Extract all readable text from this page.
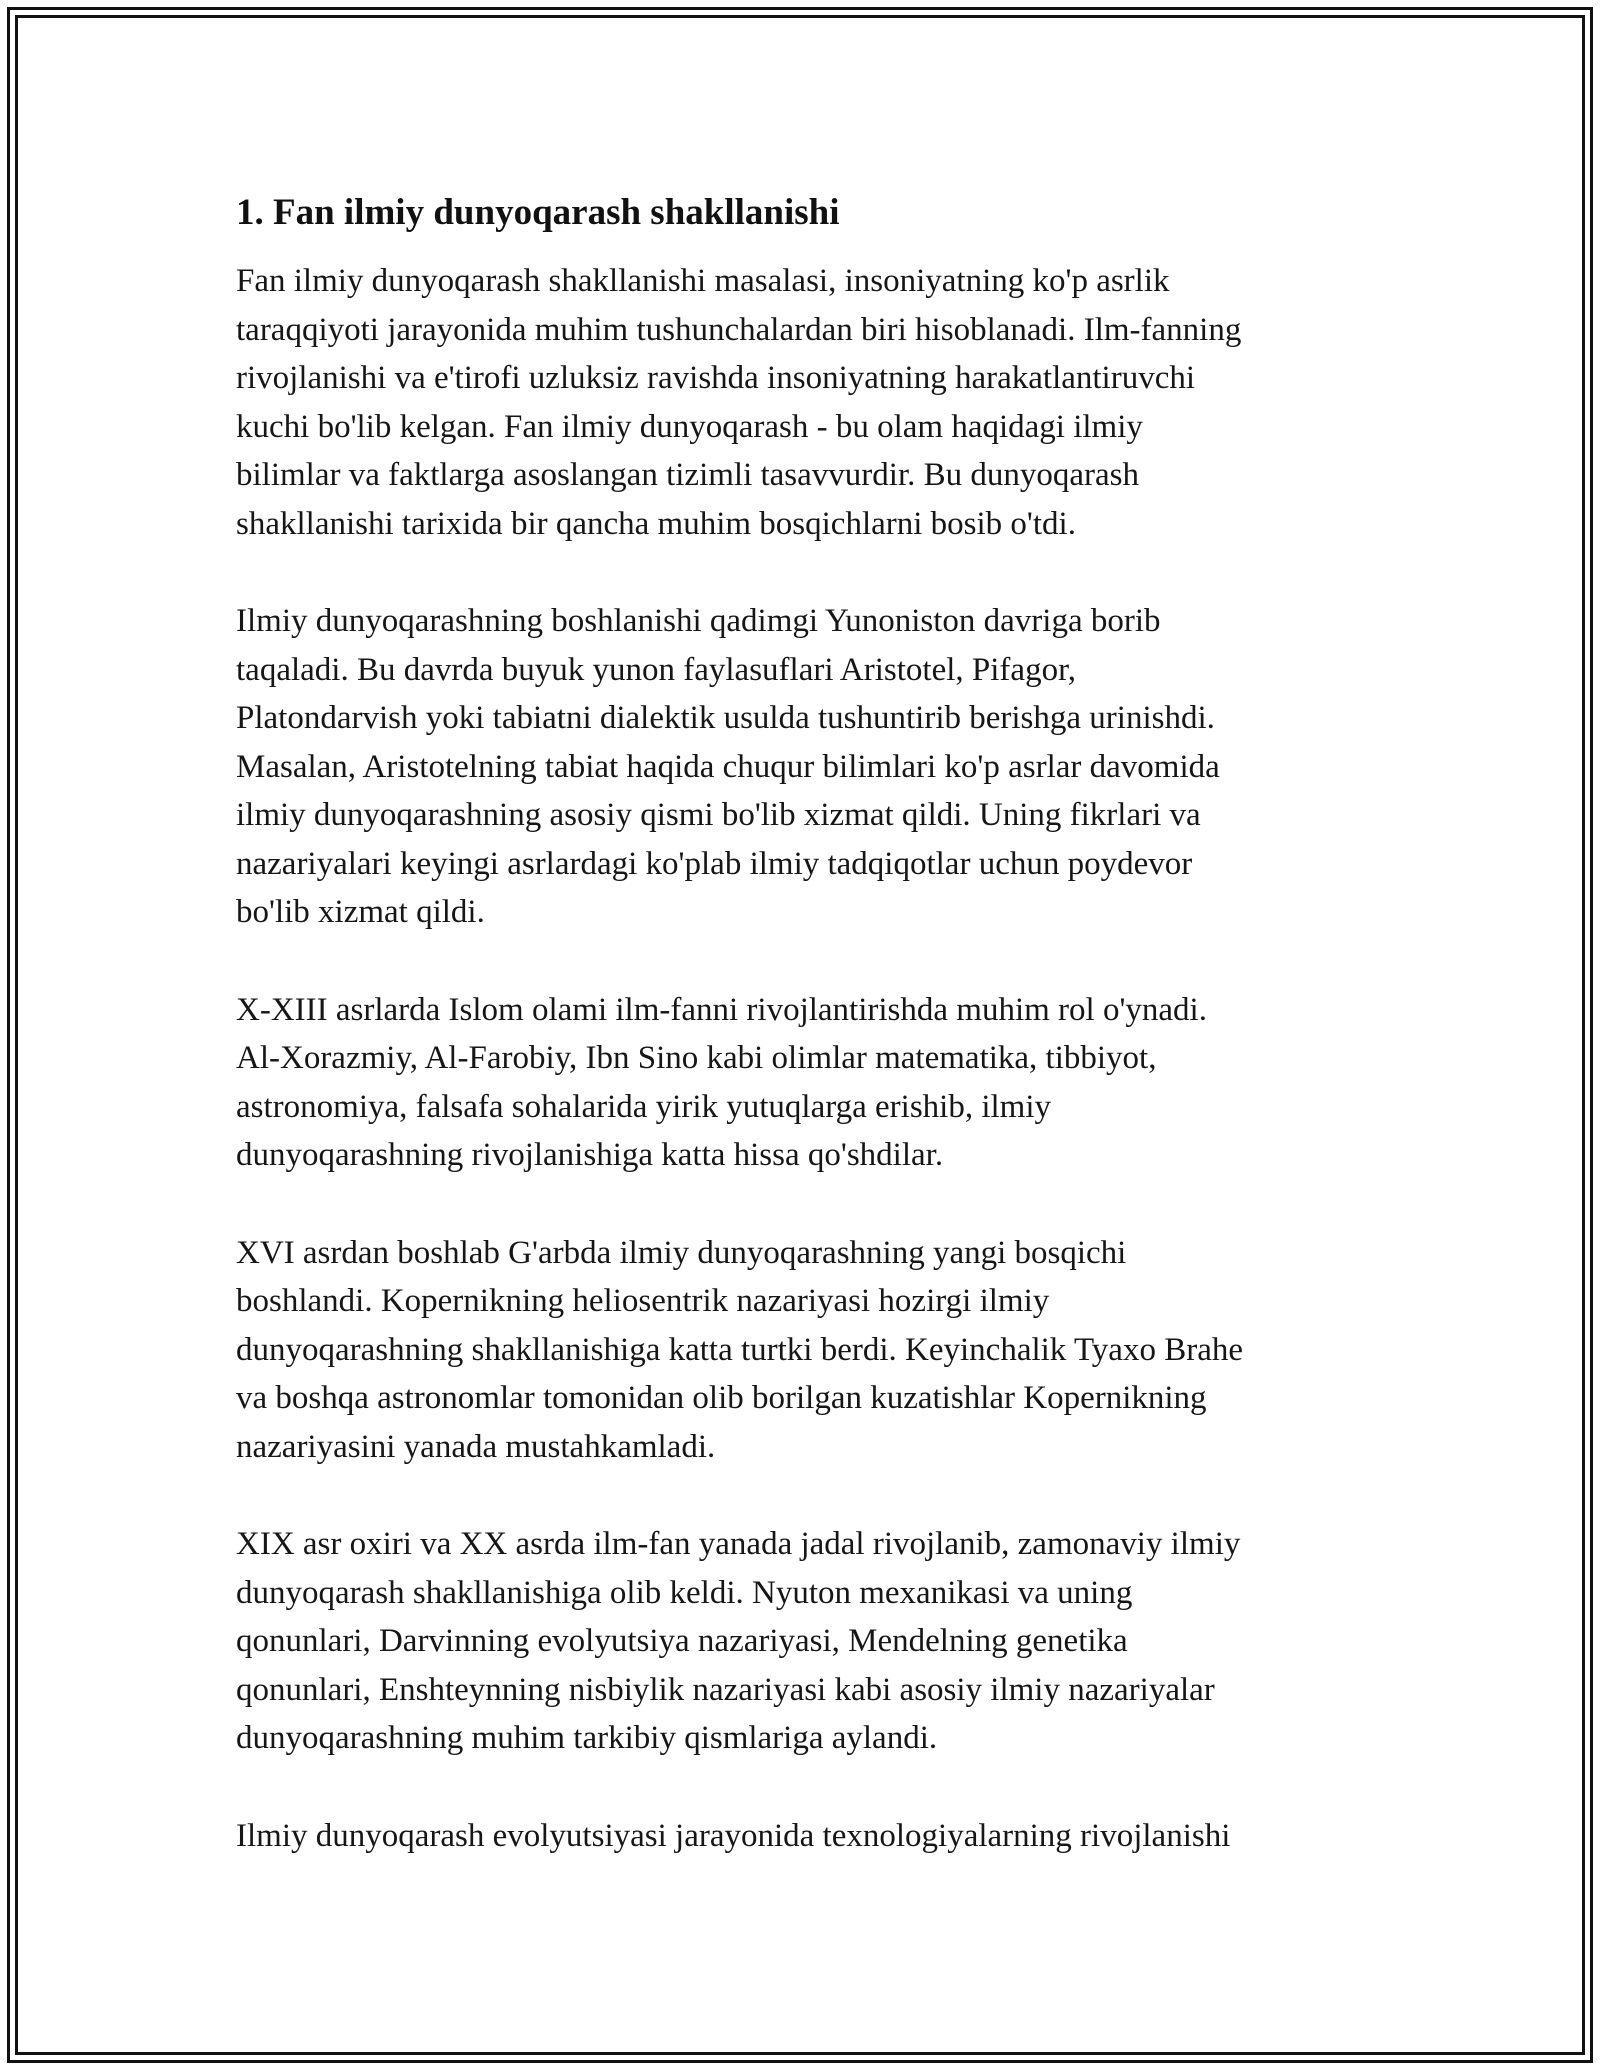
1. Fan ilmiy dunyoqarash shakllanishi

Fan ilmiy dunyoqarash shakllanishi masalasi, insoniyatning ko'p asrlik
taraqqiyoti jarayonida muhim tushunchalardan biri hisoblanadi. Ilm-fanning
rivojlanishi va e'tirofi uzluksiz ravishda insoniyatning harakatlantiruvchi
kuchi bo'lib kelgan. Fan ilmiy dunyoqarash - bu olam haqidagi ilmiy
bilimlar va faktlarga asoslangan tizimli tasavvurdir. Bu dunyoqarash
shakllanishi tarixida bir qancha muhim bosqichlarni bosib o'tdi.

Ilmiy dunyoqarashning boshlanishi qadimgi Yunoniston davriga borib
taqaladi. Bu davrda buyuk yunon faylasuflari Aristotel, Pifagor,
Platondarvish yoki tabiatni dialektik usulda tushuntirib berishga urinishdi.
Masalan, Aristotelning tabiat haqida chuqur bilimlari ko'p asrlar davomida
ilmiy dunyoqarashning asosiy qismi bo'lib xizmat qildi. Uning fikrlari va
nazariyalari keyingi asrlardagi ko'plab ilmiy tadqiqotlar uchun poydevor
bo'lib xizmat qildi.

X-XIII asrlarda Islom olami ilm-fanni rivojlantirishda muhim rol o'ynadi.
Al-Xorazmiy, Al-Farobiy, Ibn Sino kabi olimlar matematika, tibbiyot,
astronomiya, falsafa sohalarida yirik yutuqlarga erishib, ilmiy
dunyoqarashning rivojlanishiga katta hissa qo'shdilar.

XVI asrdan boshlab G'arbda ilmiy dunyoqarashning yangi bosqichi
boshlandi. Kopernikning heliosentrik nazariyasi hozirgi ilmiy
dunyoqarashning shakllanishiga katta turtki berdi. Keyinchalik Tyaxo Brahe
va boshqa astronomlar tomonidan olib borilgan kuzatishlar Kopernikning
nazariyasini yanada mustahkamladi.

XIX asr oxiri va XX asrda ilm-fan yanada jadal rivojlanib, zamonaviy ilmiy
dunyoqarash shakllanishiga olib keldi. Nyuton mexanikasi va uning
qonunlari, Darvinning evolyutsiya nazariyasi, Mendelning genetika
qonunlari, Enshteynning nisbiylik nazariyasi kabi asosiy ilmiy nazariyalar
dunyoqarashning muhim tarkibiy qismlariga aylandi.

Ilmiy dunyoqarash evolyutsiyasi jarayonida texnologiyalarning rivojlanishi
